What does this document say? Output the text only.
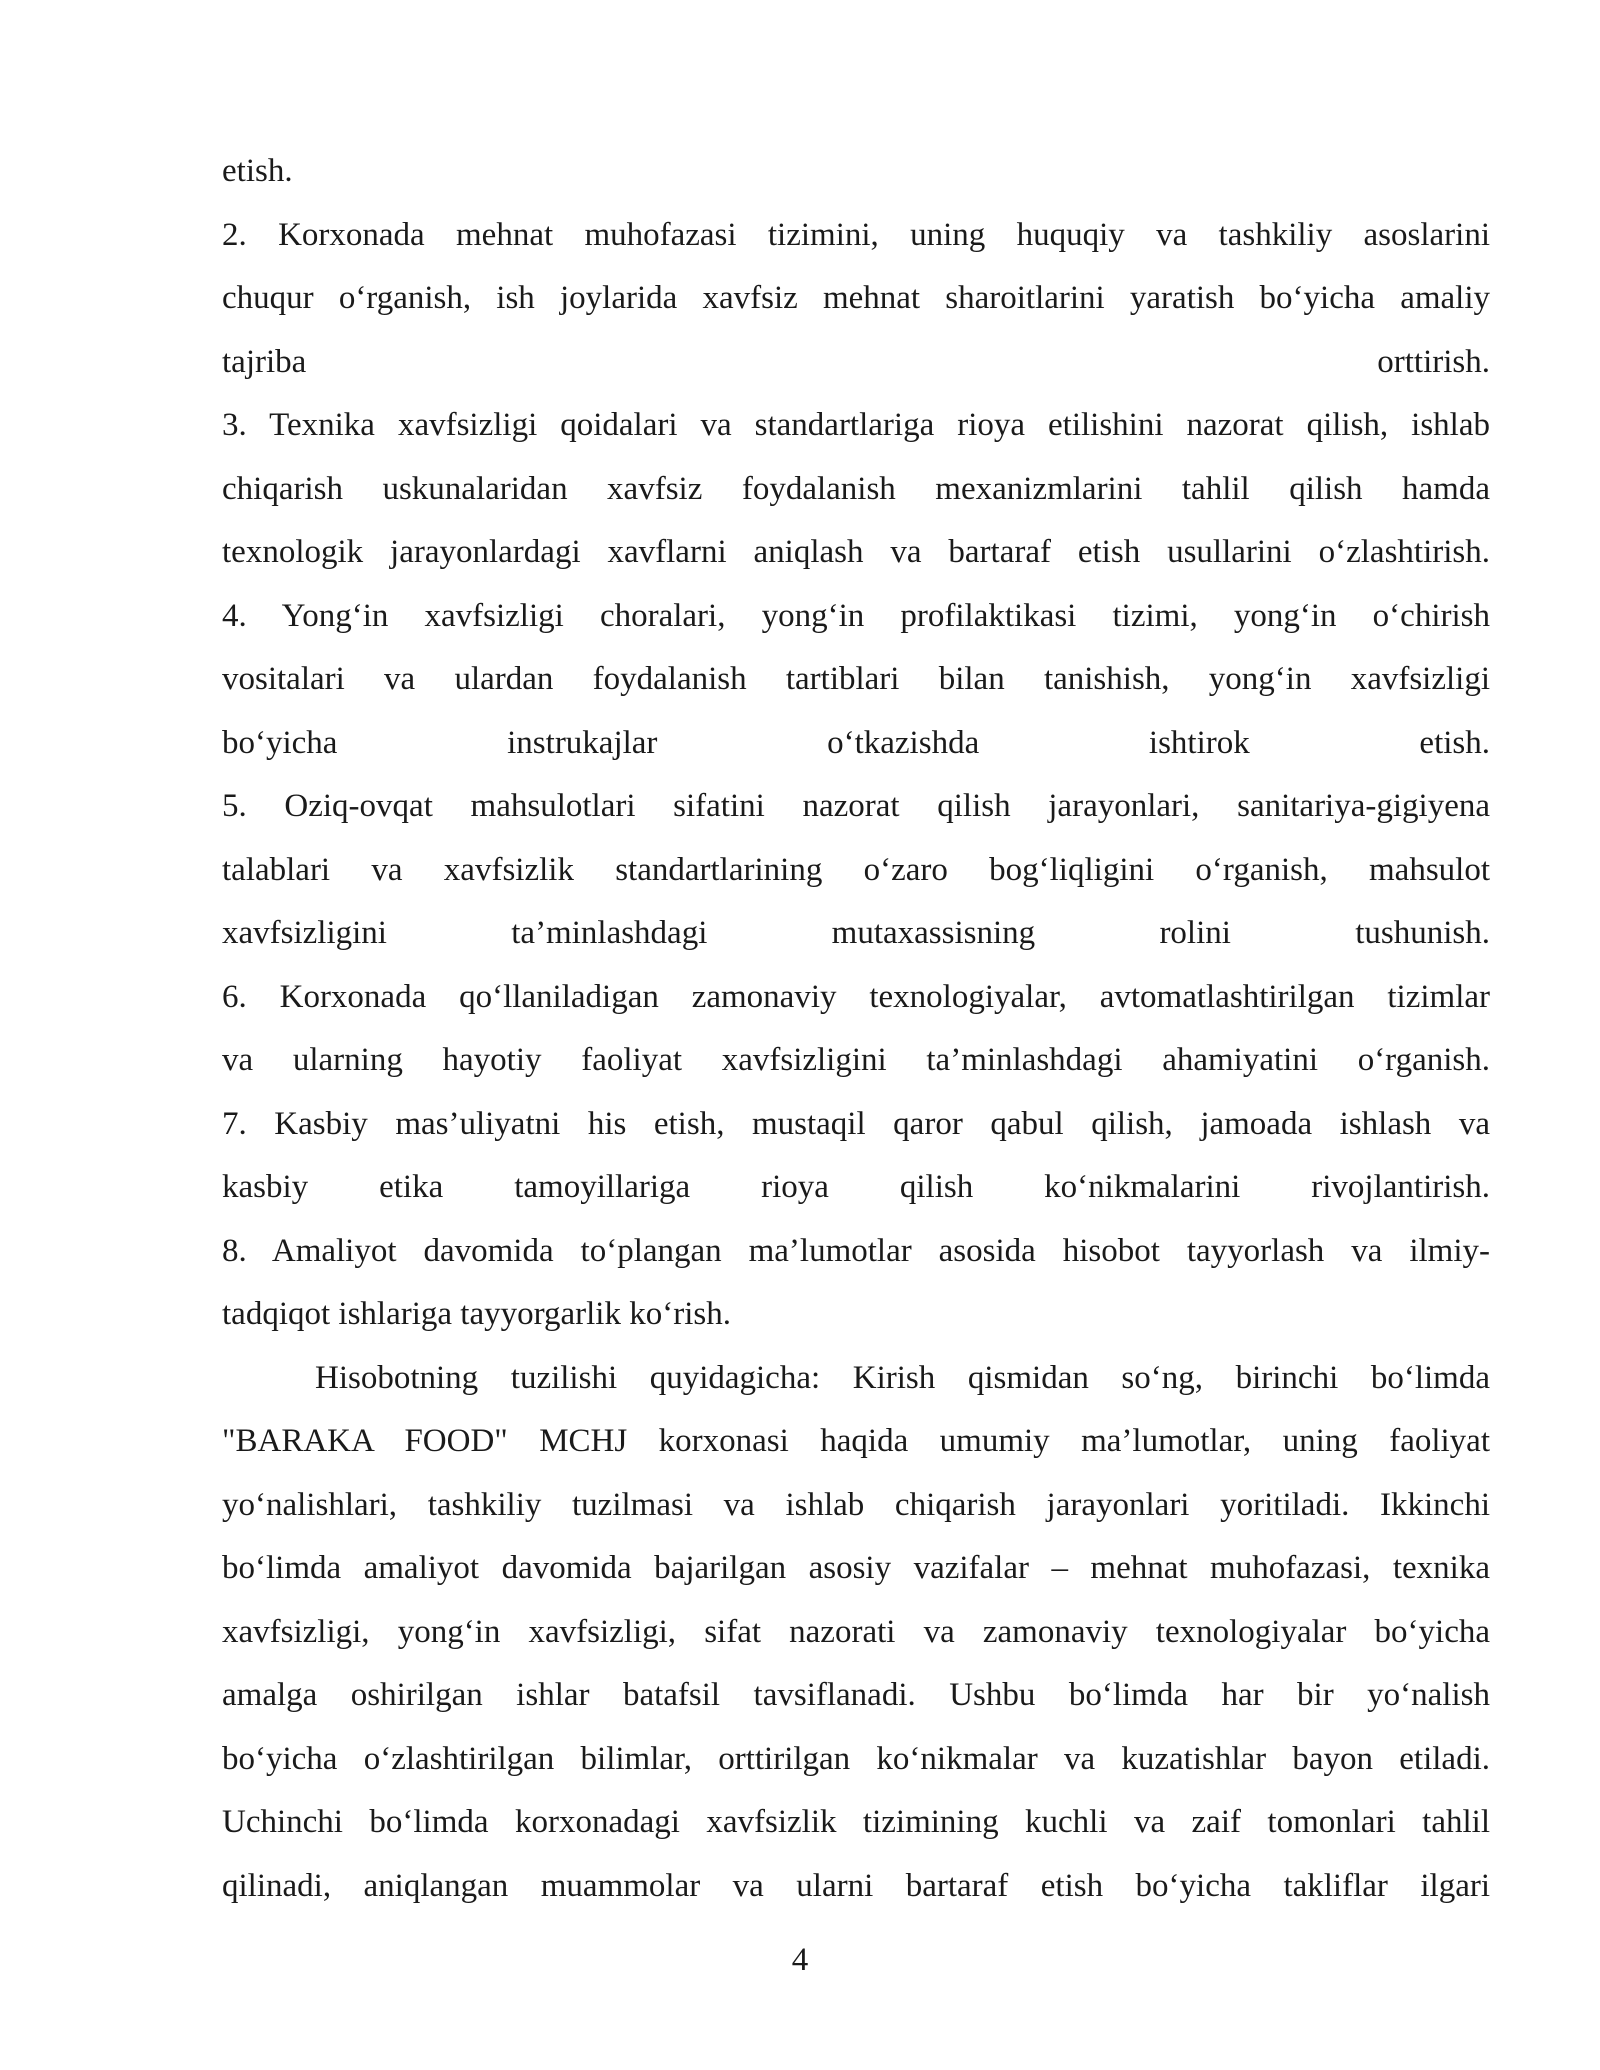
etish.
2. Korxonada mehnat muhofazasi tizimini, uning huquqiy va tashkiliy asoslarini
chuqur o‘rganish, ish joylarida xavfsiz mehnat sharoitlarini yaratish bo‘yicha amaliy
tajriba orttirish.
3. Texnika xavfsizligi qoidalari va standartlariga rioya etilishini nazorat qilish, ishlab
chiqarish uskunalaridan xavfsiz foydalanish mexanizmlarini tahlil qilish hamda
texnologik jarayonlardagi xavflarni aniqlash va bartaraf etish usullarini o‘zlashtirish.
4. Yong‘in xavfsizligi choralari, yong‘in profilaktikasi tizimi, yong‘in o‘chirish
vositalari va ulardan foydalanish tartiblari bilan tanishish, yong‘in xavfsizligi
bo‘yicha instrukajlar o‘tkazishda ishtirok etish.
5. Oziq-ovqat mahsulotlari sifatini nazorat qilish jarayonlari, sanitariya-gigiyena
talablari va xavfsizlik standartlarining o‘zaro bog‘liqligini o‘rganish, mahsulot
xavfsizligini ta’minlashdagi mutaxassisning rolini tushunish.
6. Korxonada qo‘llaniladigan zamonaviy texnologiyalar, avtomatlashtirilgan tizimlar
va ularning hayotiy faoliyat xavfsizligini ta’minlashdagi ahamiyatini o‘rganish.
7. Kasbiy mas’uliyatni his etish, mustaqil qaror qabul qilish, jamoada ishlash va
kasbiy etika tamoyillariga rioya qilish ko‘nikmalarini rivojlantirish.
8. Amaliyot davomida to‘plangan ma’lumotlar asosida hisobot tayyorlash va ilmiy-
tadqiqot ishlariga tayyorgarlik ko‘rish.
Hisobotning tuzilishi quyidagicha: Kirish qismidan so‘ng, birinchi bo‘limda
"BARAKA FOOD" MCHJ korxonasi haqida umumiy ma’lumotlar, uning faoliyat
yo‘nalishlari, tashkiliy tuzilmasi va ishlab chiqarish jarayonlari yoritiladi. Ikkinchi
bo‘limda amaliyot davomida bajarilgan asosiy vazifalar – mehnat muhofazasi, texnika
xavfsizligi, yong‘in xavfsizligi, sifat nazorati va zamonaviy texnologiyalar bo‘yicha
amalga oshirilgan ishlar batafsil tavsiflanadi. Ushbu bo‘limda har bir yo‘nalish
bo‘yicha o‘zlashtirilgan bilimlar, orttirilgan ko‘nikmalar va kuzatishlar bayon etiladi.
Uchinchi bo‘limda korxonadagi xavfsizlik tizimining kuchli va zaif tomonlari tahlil
qilinadi, aniqlangan muammolar va ularni bartaraf etish bo‘yicha takliflar ilgari
4
